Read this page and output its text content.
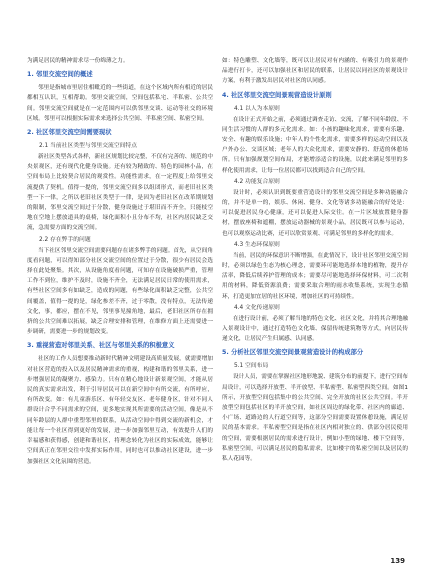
为满足居民的精神需求尽一份绵薄之力。

1. 邻里交流空间的概述

邻里是指城市里居住相毗近的一些街道，在这个区域内所有相近的居民都相互认识，互相帮助。邻里交流空间，空间包括私宅、半私密、公共空间。邻里交流空间就是在一定范围内可以供邻里交谈、运动等社交的环境区域。邻里可以根据实际需求来选择公共空间、半私密空间、私密空间。

2. 社区邻里交流空间需要现状
2.1 当前社区类型与邻里交流空间特点

新社区类型各式各样，新社区规划比较完整，不仅有完善的、规范的中央景观区，还有现代化健身设施。还有较为精致的、特色的园林小品，在空间布局上比较契合居民的观赏性。功能性需求，在一定程度上给邻里交流提供了契机。值得一提的，邻里交流空间多以组团形式，而老旧社区类型一下一律，之所以老旧社区类型于一律，是因为老旧社区在改革期规划的限制，邻里交流空间过于分散，健身设施过于堪旧而不齐全，只能枝空地在空地上摆放道具的桌椅，绿化面积小且分布不均，社区内居民缺乏交流，急需要方面的交流空间。

2.2 存在弊手的问题

当下社区邻里交流空间需要问题存在诸多弊手的问题。首先，从空间角度看问题，可以得知部分社区交流空间的位置过于分散，很少有居民会选择在此处聚集。其次，从设施角度看问题，可知存在设施破损严重，管理工作不到位，维护不及时，设施不齐全，无法满足居民日常的使用需求，有些社区空间多有如缺乏，造成的问题，有些绿化面积缺乏完整，公共空间覆盖，值得一提的是，绿化参差不齐，过于零散，没有特点，无法传递文化，事，都应，摆在不见，邻里事见撞角地，最后，老旧社区所存在拥挤的公共空间难以拓展，缺乏合理安排和管理，在维修方面上还需要进一步调研，需要进一步的规划改变。

3. 重视营造对邻里关系、社区与邻里关系的积极意义

社区的工作人员想要推动新时代精神文明建设高质量发展，就需要增加对社区营造的投入以及居民精神需求的重视，构建和谐的邻里关系，进一步增强居民的凝聚力、感染力。只有在精心地设计新景观空间，才能从居民的真实需求出发，利于引导居民可以在新空间中有所交流，有所呼应，有所改变。如：有儿童游乐区、有年轻交友区、老年健身区，针对不同人群设计合乎不同需求的空间，更多地实现其所需要的活动空间，像是从不同年龄层的人群中重塑邻里的联系，从活动空间中得到交流的新机会，才能让每一个社区得到更好的发展，进一步加强邻里互动，有效提升人们的幸福感和获得感，创建和谐社区，将理念转化为社区的实际成效，能够让空间真正在邻里交往中发挥实际作用，同时也可以推动社区建设，进一步加强社区文化氛围的营造。

如：特色雕塑、文化墙等，既可以让居民对有内涵的、有吸引力的景观作品进行打卡，还可以加强社区和居民的联系，让居民以同社区的景观设计方案，有利于激发出居民对社区的认同感。

4. 社区邻里交流空间景观营造设计原则
4.1 以人为本原则

在设计正式开始之前，必须通过调查走访、交流，了解不同年龄段、不同生活习惯的人群的多元化需求。如：小孩的趣味化需求，需要有乐趣、安全、有趣的娱乐设施；中年人的个性化需求，需要多样的运动空间以及户外办公、交谈区域；老年人的大众化需求，需要安静的、舒适的休憩场所。只有加强规划空间布局，才能增添适合的设施，以此来满足邻里的多样化使用需求，让每一位居民都可以找到适合自己的空间。

4.2 功能复合原则

设计时，必须认识到既要重营造设计的邻里交流空间是多种功能融合的，并不是单一的，娱乐、休闲、健身、文化等诸多功能融合的好处是：可以促进居民身心健康，还可以促进人际交往。在一片区域放置健身器材，摆放座椅和遮棚，摆放运动器械的景观小品，居民既可以参与运动，也可以观察运动比赛，还可以欣赏景观、可满足邻里的多样化的需求。

4.3 生态环保原则

当前，居民的环保意识不断增强，在此情况下，设计社区邻里交流空间时，必须以绿色生态为核心理念，需要环可能地选择本地的植物，提升存活率，降低后续养护管理的成本；需要尽可能地选择环保材料，可二次利用的材料，降低资源浪费；需要采取合理的雨水收集系统，实现生态循环，打造更加宜居的社区环境，增加社区的可持续性。

4.4 文化传递原则

在进行设计前，必须了解当地的特色文化、社区文化，并将其合理地融入景观设计中，通过打造特色文化墙、保留传统建筑物等方式，向居民传递文化，让居民产生归属感、认同感。

5. 分析社区邻里交流空间景观营造设计的构成部分
5.1 空间布局

设计人员，需要在掌握社区地形地貌、建筑分布的前提下，进行空间布局设计，可以选择开放型、半开放型、半私密型、私密型四类空间。如图1所示，开放型空间包括集中的公共空间、完全开放的社区公共空间。半开放型空间包括社区的半开放空间，如社区周边的绿化带、社区内的廊道、小广场、道路边的人行道空间等，这部分空间需要设置休憩设施，满足居民的基本需求。半私密型空间是指在社区内相对独立的、供部分居民使用的空间，需要根据居民的需求进行设计，例如小型的绿地、楼下空间等，私密型空间，可以满足居民的隐私需求，比如楼宇的私密空间以及居民的私人花园等。

139
